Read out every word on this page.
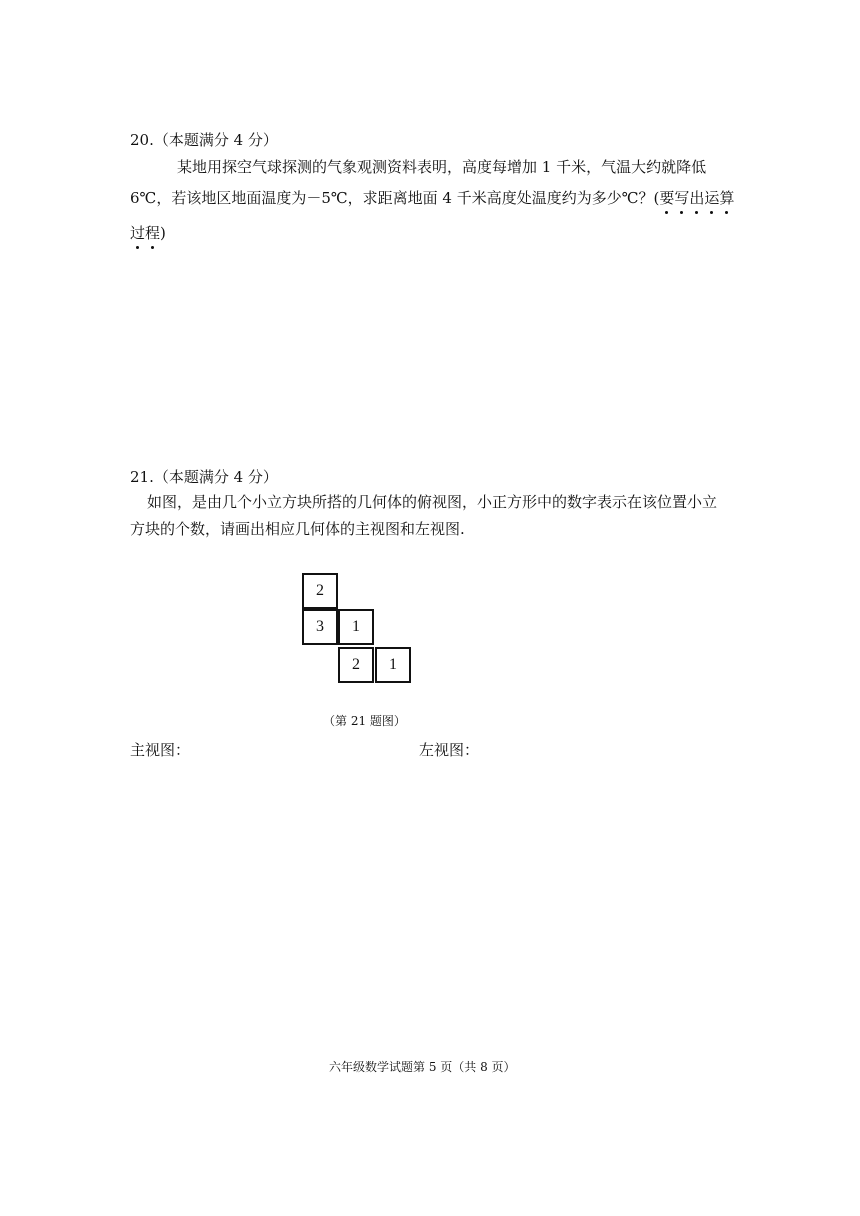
20.（本题满分 4 分）
某地用探空气球探测的气象观测资料表明，高度每增加 1 千米，气温大约就降低
6℃，若该地区地面温度为－5℃，求距离地面 4 千米高度处温度约为多少℃？(要写出运算
过程)
21.（本题满分 4 分）
如图，是由几个小立方块所搭的几何体的俯视图，小正方形中的数字表示在该位置小立
方块的个数，请画出相应几何体的主视图和左视图.
2
3	1
2	1
（第 21 题图）
主视图：	左视图：
六年级数学试题第 5 页（共 8 页）
